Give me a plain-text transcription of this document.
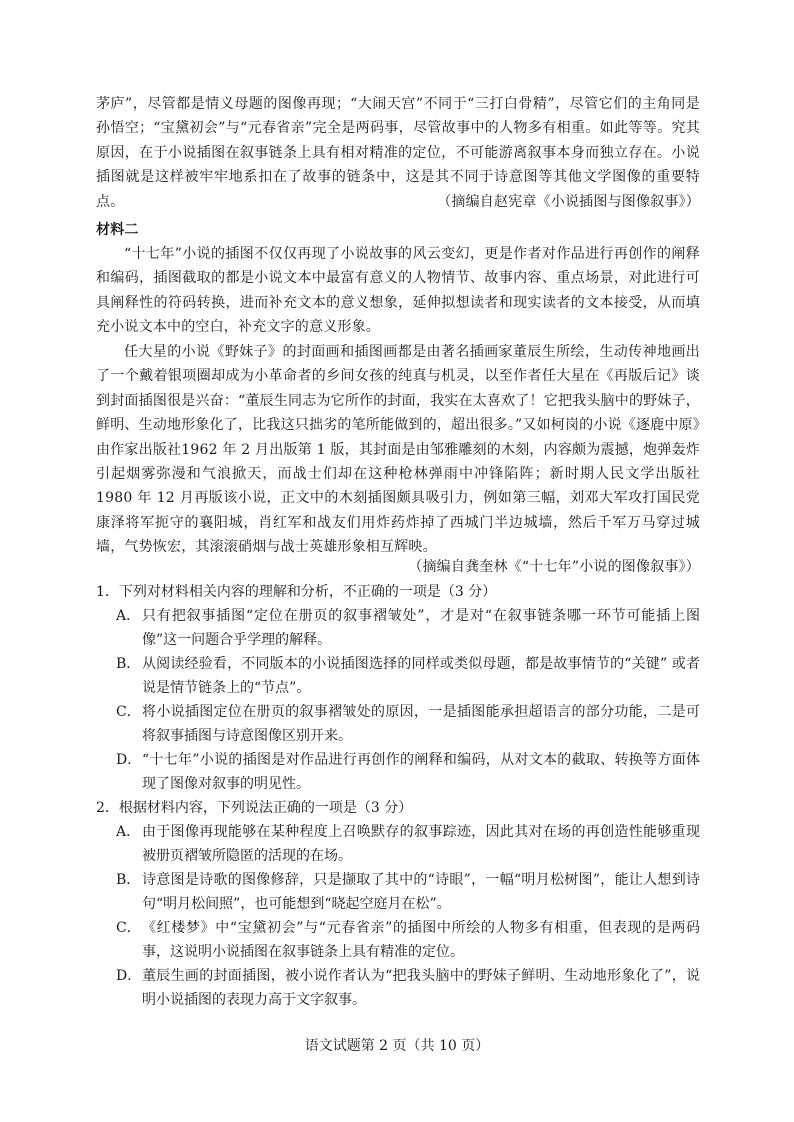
茅庐”，尽管都是情义母题的图像再现；“大闹天宫”不同于“三打白骨精”，尽管它们的主角同是孙悟空；“宝黛初会”与“元春省亲”完全是两码事，尽管故事中的人物多有相重。如此等等。究其原因，在于小说插图在叙事链条上具有相对精准的定位，不可能游离叙事本身而独立存在。小说插图就是这样被牢牢地系扣在了故事的链条中，这是其不同于诗意图等其他文学图像的重要特点。	（摘编自赵宪章《小说插图与图像叙事》）

材料二

“十七年”小说的插图不仅仅再现了小说故事的风云变幻，更是作者对作品进行再创作的阐释和编码，插图截取的都是小说文本中最富有意义的人物情节、故事内容、重点场景，对此进行可具阐释性的符码转换，进而补充文本的意义想象，延伸拟想读者和现实读者的文本接受，从而填充小说文本中的空白，补充文字的意义形象。

任大星的小说《野妹子》的封面画和插图画都是由著名插画家董辰生所绘，生动传神地画出了一个戴着银项圈却成为小革命者的乡间女孩的纯真与机灵，以至作者任大星在《再版后记》谈到封面插图很是兴奋：“董辰生同志为它所作的封面，我实在太喜欢了！它把我头脑中的野妹子，鲜明、生动地形象化了，比我这只拙劣的笔所能做到的，超出很多。”又如柯岗的小说《逐鹿中原》由作家出版社1962 年 2 月出版第 1 版，其封面是由邹雅雕刻的木刻，内容颇为震撼，炮弹轰炸引起烟雾弥漫和气浪掀天，而战士们却在这种枪林弹雨中冲锋陷阵；新时期人民文学出版社 1980 年 12 月再版该小说，正文中的木刻插图颇具吸引力，例如第三幅，刘邓大军攻打国民党康泽将军扼守的襄阳城，肖红军和战友们用炸药炸掉了西城门半边城墙，然后千军万马穿过城墙，气势恢宏，其滚滚硝烟与战士英雄形象相互辉映。

（摘编自龚奎林《“十七年”小说的图像叙事》）

1．下列对材料相关内容的理解和分析，不正确的一项是（3 分）

A． 只有把叙事插图“定位在册页的叙事褶皱处”，才是对“在叙事链条哪一环节可能插上图像”这一问题合乎学理的解释。
B． 从阅读经验看，不同版本的小说插图选择的同样或类似母题，都是故事情节的“关键” 或者说是情节链条上的“节点”。
C． 将小说插图定位在册页的叙事褶皱处的原因，一是插图能承担超语言的部分功能，二是可将叙事插图与诗意图像区别开来。
D． “十七年”小说的插图是对作品进行再创作的阐释和编码，从对文本的截取、转换等方面体现了图像对叙事的明见性。

2．根据材料内容，下列说法正确的一项是（3 分）

A． 由于图像再现能够在某种程度上召唤默存的叙事踪迹，因此其对在场的再创造性能够重现被册页褶皱所隐匿的活现的在场。
B． 诗意图是诗歌的图像修辞，只是撷取了其中的“诗眼”，一幅“明月松树图”，能让人想到诗句“明月松间照”，也可能想到“晓起空庭月在松”。
C． 《红楼梦》中“宝黛初会”与“元春省亲”的插图中所绘的人物多有相重，但表现的是两码事，这说明小说插图在叙事链条上具有精准的定位。
D． 董辰生画的封面插图，被小说作者认为“把我头脑中的野妹子鲜明、生动地形象化了”，说明小说插图的表现力高于文字叙事。
语文试题第 2 页（共 10 页）
